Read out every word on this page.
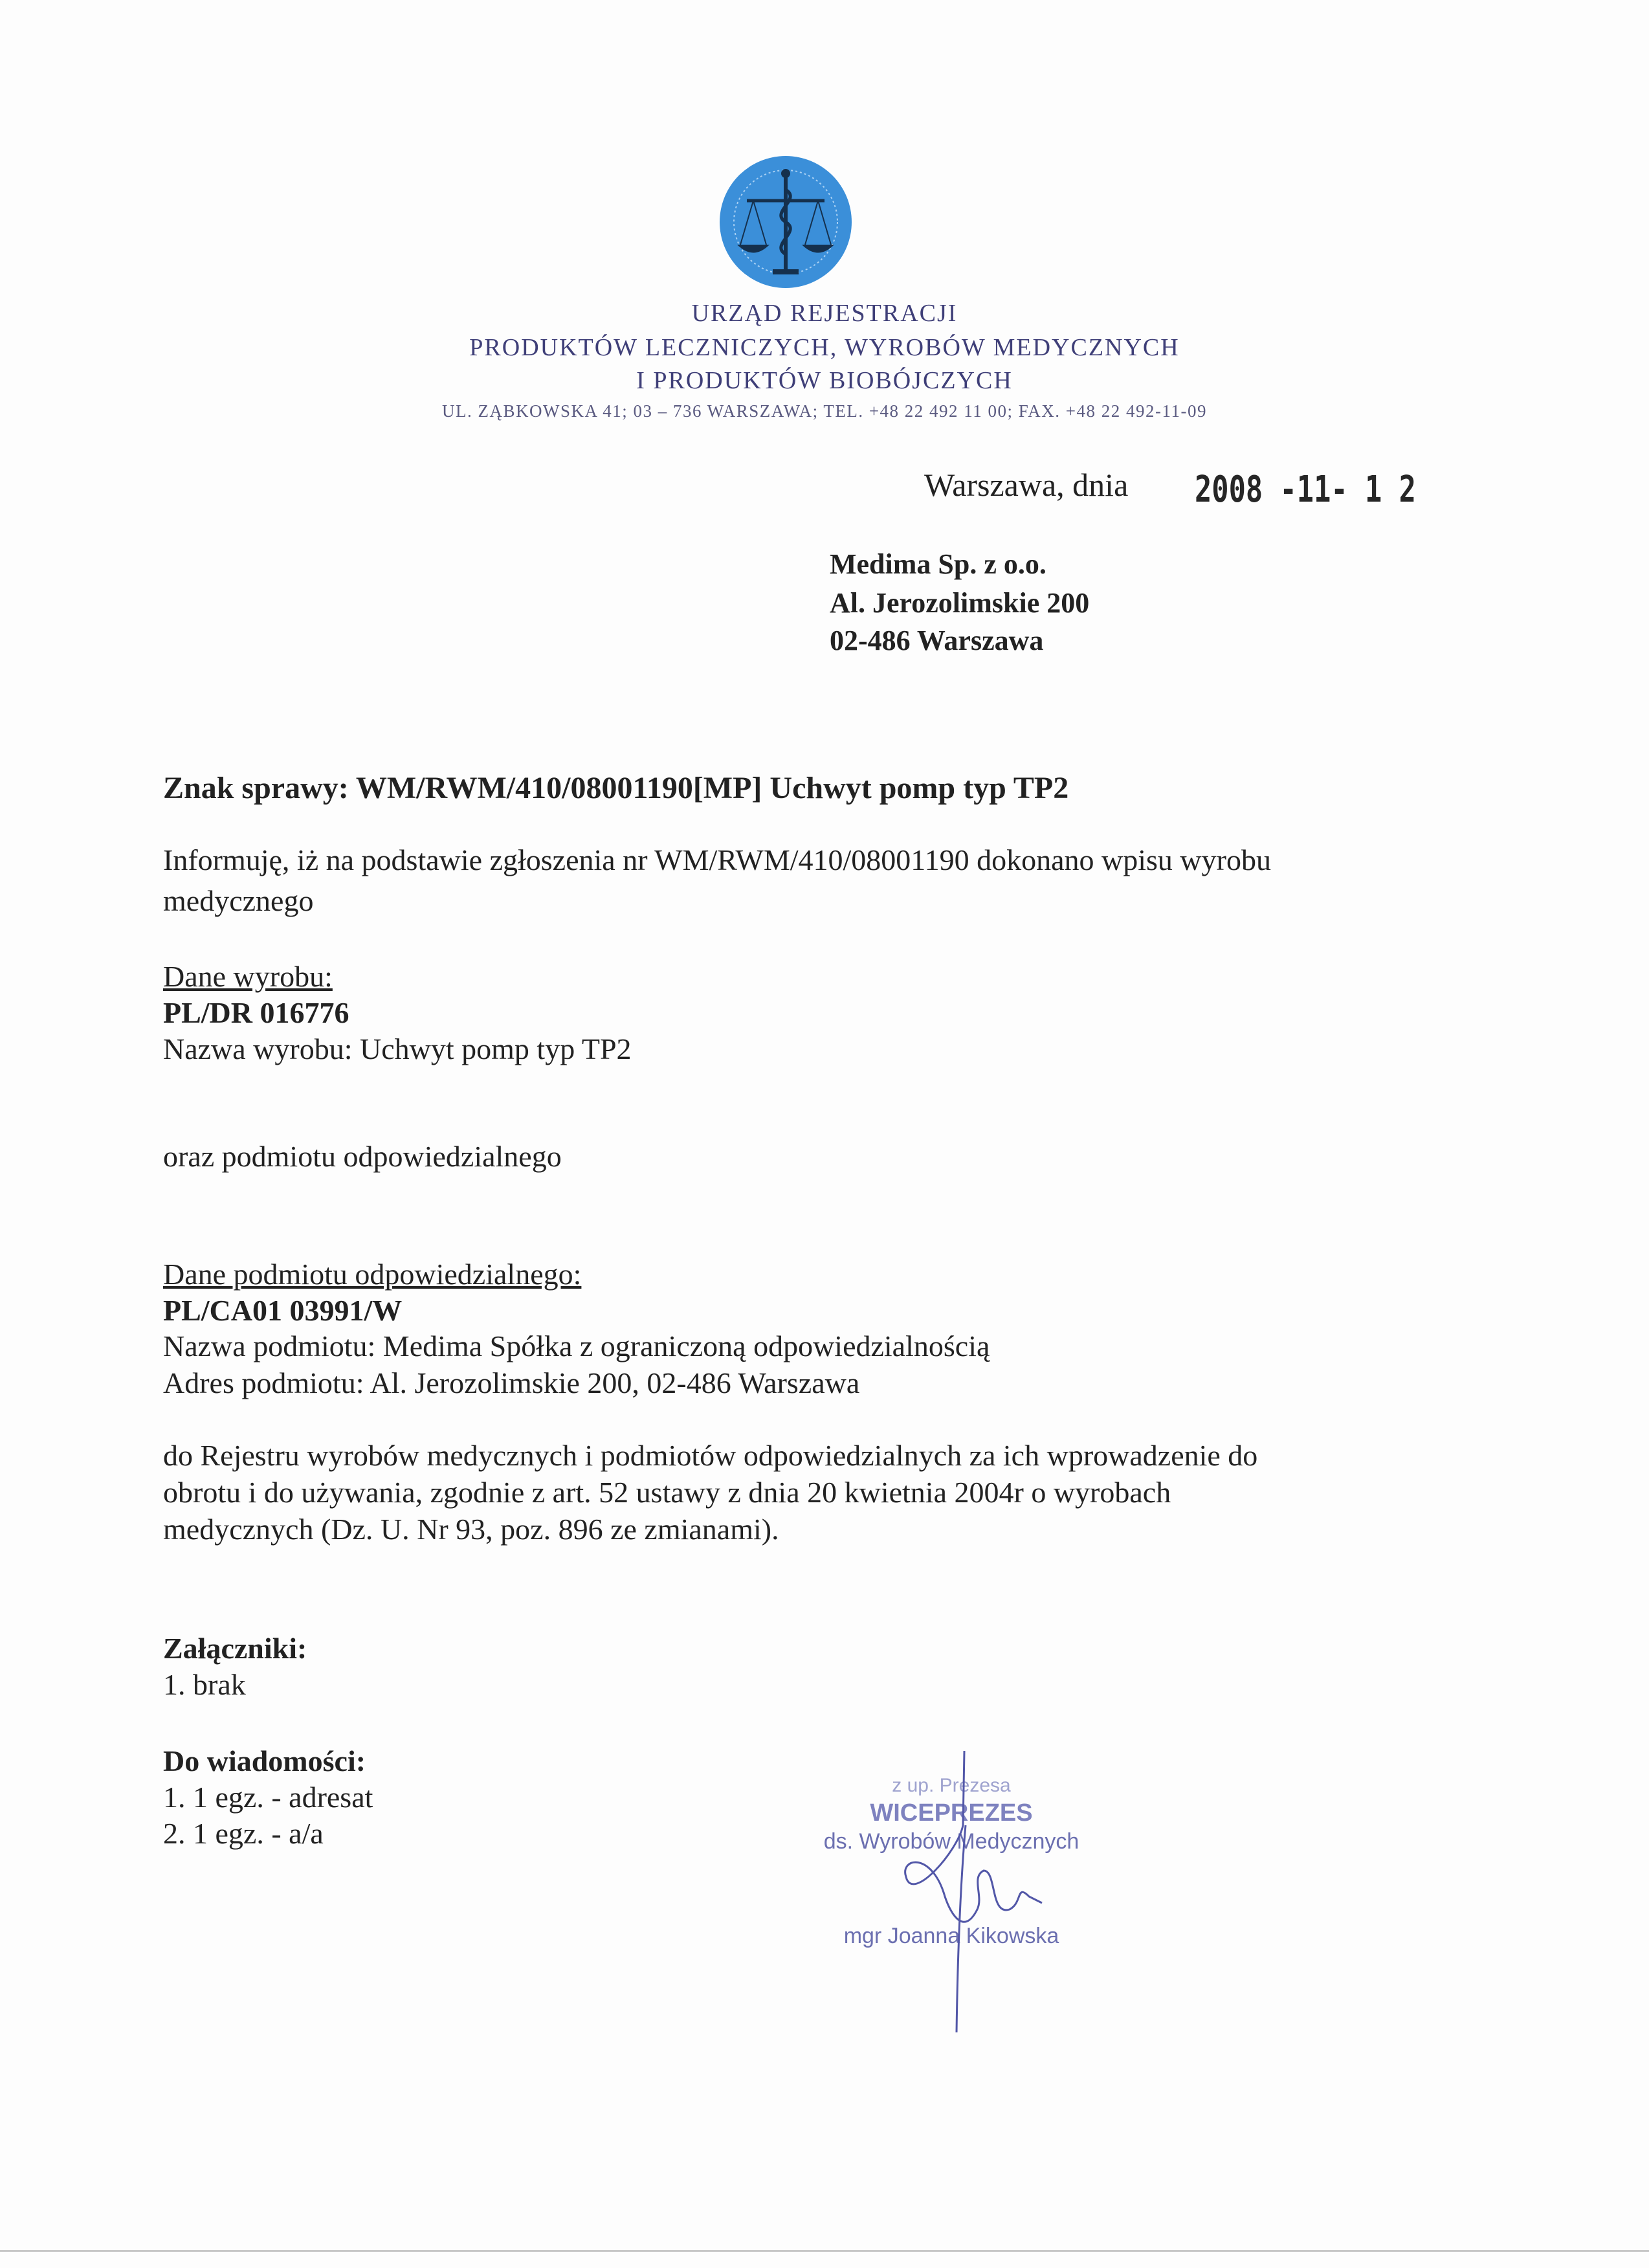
URZĄD REJESTRACJI
PRODUKTÓW LECZNICZYCH, WYROBÓW MEDYCZNYCH
I PRODUKTÓW BIOBÓJCZYCH
UL. ZĄBKOWSKA 41; 03 – 736 WARSZAWA; TEL. +48 22 492 11 00; FAX. +48 22 492-11-09
Warszawa, dnia 2008 -11- 1 2
Medima Sp. z o.o.
Al. Jerozolimskie 200
02-486 Warszawa
Znak sprawy: WM/RWM/410/08001190[MP] Uchwyt pomp typ TP2
Informuję, iż na podstawie zgłoszenia nr WM/RWM/410/08001190 dokonano wpisu wyrobu
medycznego
Dane wyrobu:
PL/DR 016776
Nazwa wyrobu: Uchwyt pomp typ TP2
oraz podmiotu odpowiedzialnego
Dane podmiotu odpowiedzialnego:
PL/CA01 03991/W
Nazwa podmiotu: Medima Spółka z ograniczoną odpowiedzialnością
Adres podmiotu: Al. Jerozolimskie 200, 02-486 Warszawa
do Rejestru wyrobów medycznych i podmiotów odpowiedzialnych za ich wprowadzenie do
obrotu i do używania, zgodnie z art. 52 ustawy z dnia 20 kwietnia 2004r o wyrobach
medycznych (Dz. U. Nr 93, poz. 896 ze zmianami).
Załączniki:
1. brak
Do wiadomości:
1. 1 egz. - adresat
2. 1 egz. - a/a
z up. Prezesa
WICEPREZES
ds. Wyrobów Medycznych
mgr Joanna Kikowska
